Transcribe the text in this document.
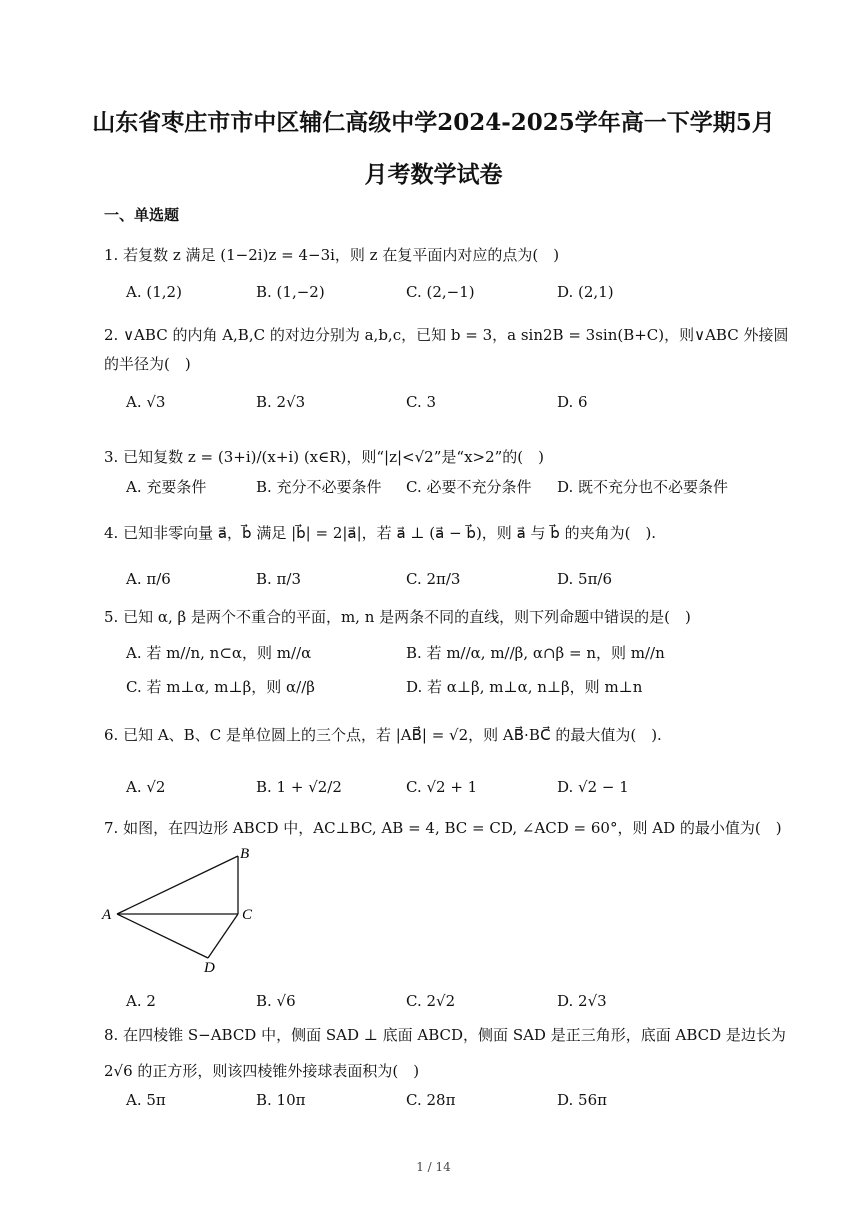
山东省枣庄市市中区辅仁高级中学2024-2025学年高一下学期5月
月考数学试卷
一、单选题
1. 若复数 z 满足 (1−2i)z = 4−3i，则 z 在复平面内对应的点为(　)
A. (1,2)	B. (1,−2)	C. (2,−1)	D. (2,1)
2. ∨ABC 的内角 A,B,C 的对边分别为 a,b,c，已知 b = 3，a sin2B = 3sin(B+C)，则∨ABC 外接圆
的半径为(　)
A. √3	B. 2√3	C. 3	D. 6
3. 已知复数 z = (3+i)/(x+i) (x∈R)，则“|z|<√2”是“x>2”的(　)
A. 充要条件	B. 充分不必要条件 C. 必要不充分条件 D. 既不充分也不必要条件
4. 已知非零向量 a⃗，b⃗ 满足 |b⃗| = 2|a⃗|，若 a⃗ ⊥ (a⃗ − b⃗)，则 a⃗ 与 b⃗ 的夹角为(　).
A. π/6	B. π/3	C. 2π/3	D. 5π/6
5. 已知 α, β 是两个不重合的平面，m, n 是两条不同的直线，则下列命题中错误的是(　)
A. 若 m//n, n⊂α，则 m//α	B. 若 m//α, m//β, α∩β = n，则 m//n
C. 若 m⊥α, m⊥β，则 α//β	D. 若 α⊥β, m⊥α, n⊥β，则 m⊥n
6. 已知 A、B、C 是单位圆上的三个点，若 |AB⃗| = √2，则 AB⃗·BC⃗ 的最大值为(　).
A. √2	B. 1 + √2/2	C. √2 + 1	D. √2 − 1
7. 如图，在四边形 ABCD 中，AC⊥BC, AB = 4, BC = CD, ∠ACD = 60°，则 AD 的最小值为(　)
A
B
C
D
A. 2	B. √6	C. 2√2	D. 2√3
8. 在四棱锥 S−ABCD 中，侧面 SAD ⊥ 底面 ABCD，侧面 SAD 是正三角形，底面 ABCD 是边长为
2√6 的正方形，则该四棱锥外接球表面积为(　)
A. 5π	B. 10π	C. 28π	D. 56π
1 / 14
